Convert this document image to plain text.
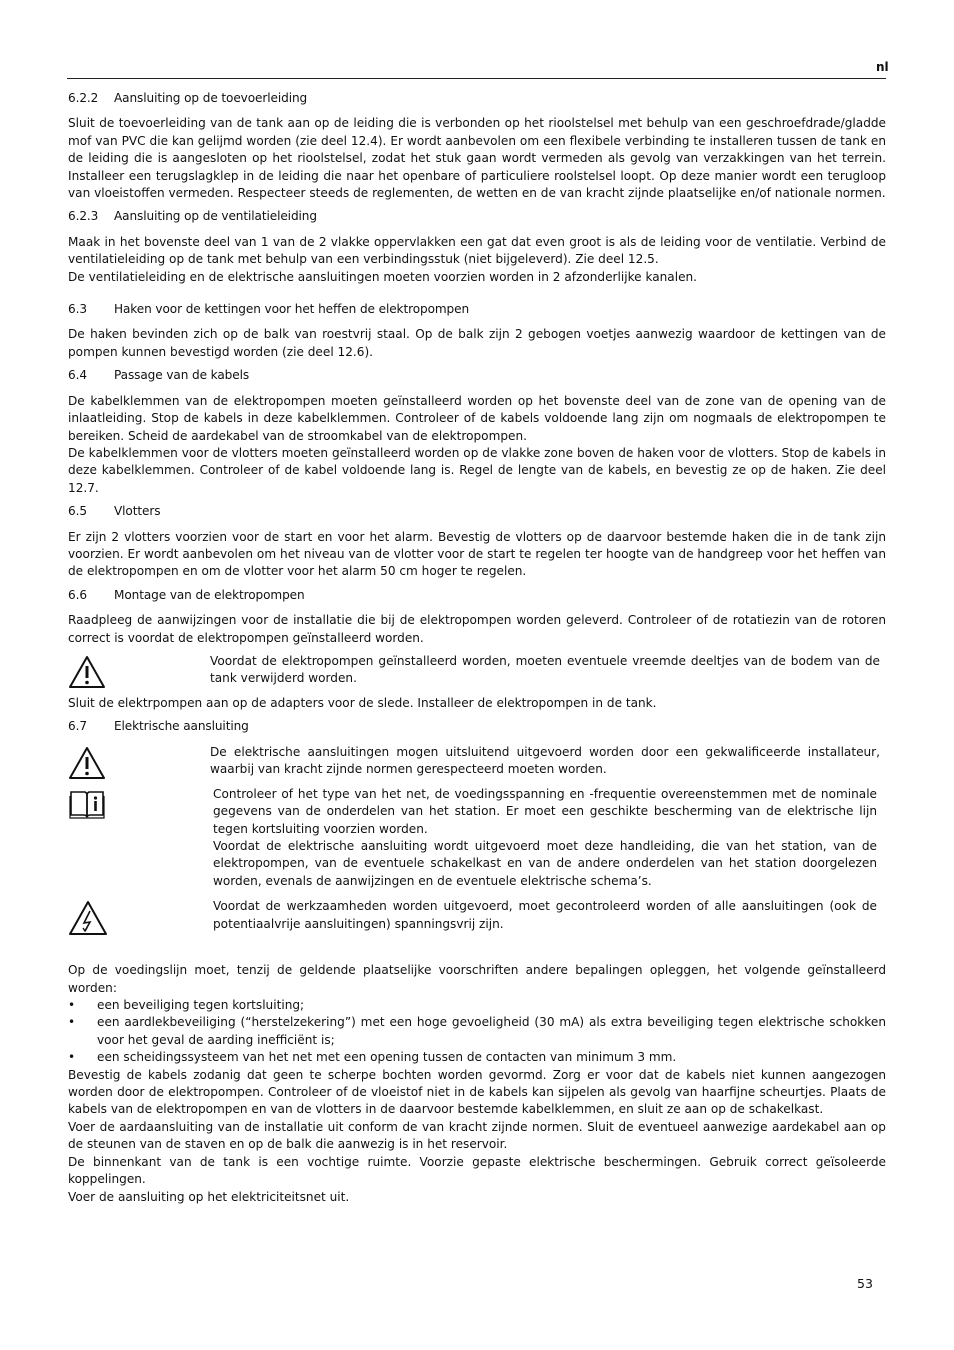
nl
6.2.2 Aansluiting op de toevoerleiding

Sluit de toevoerleiding van de tank aan op de leiding die is verbonden op het rioolstelsel met behulp van een geschroefdrade/gladde mof van PVC die kan gelijmd worden (zie deel 12.4). Er wordt aanbevolen om een flexibele verbinding te installeren tussen de tank en de leiding die is aangesloten op het rioolstelsel, zodat het stuk gaan wordt vermeden als gevolg van verzakkingen van het terrein. Installeer een terugslagklep in de leiding die naar het openbare of particuliere roolstelsel loopt. Op deze manier wordt een terugloop van vloeistoffen vermeden. Respecteer steeds de reglementen, de wetten en de van kracht zijnde plaatselijke en/of nationale normen.

6.2.3 Aansluiting op de ventilatieleiding

Maak in het bovenste deel van 1 van de 2 vlakke oppervlakken een gat dat even groot is als de leiding voor de ventilatie. Verbind de ventilatieleiding op de tank met behulp van een verbindingsstuk (niet bijgeleverd). Zie deel 12.5.

De ventilatieleiding en de elektrische aansluitingen moeten voorzien worden in 2 afzonderlijke kanalen.

6.3 Haken voor de kettingen voor het heffen de elektropompen

De haken bevinden zich op de balk van roestvrij staal. Op de balk zijn 2 gebogen voetjes aanwezig waardoor de kettingen van de pompen kunnen bevestigd worden (zie deel 12.6).

6.4 Passage van de kabels

De kabelklemmen van de elektropompen moeten geïnstalleerd worden op het bovenste deel van de zone van de opening van de inlaatleiding. Stop de kabels in deze kabelklemmen. Controleer of de kabels voldoende lang zijn om nogmaals de elektropompen te bereiken. Scheid de aardekabel van de stroomkabel van de elektropompen.

De kabelklemmen voor de vlotters moeten geïnstalleerd worden op de vlakke zone boven de haken voor de vlotters. Stop de kabels in deze kabelklemmen. Controleer of de kabel voldoende lang is. Regel de lengte van de kabels, en bevestig ze op de haken. Zie deel 12.7.

6.5 Vlotters

Er zijn 2 vlotters voorzien voor de start en voor het alarm. Bevestig de vlotters op de daarvoor bestemde haken die in de tank zijn voorzien. Er wordt aanbevolen om het niveau van de vlotter voor de start te regelen ter hoogte van de handgreep voor het heffen van de elektropompen en om de vlotter voor het alarm 50 cm hoger te regelen.

6.6 Montage van de elektropompen

Raadpleeg de aanwijzingen voor de installatie die bij de elektropompen worden geleverd. Controleer of de rotatiezin van de rotoren correct is voordat de elektropompen geïnstalleerd worden.

Voordat de elektropompen geïnstalleerd worden, moeten eventuele vreemde deeltjes van de bodem van de tank verwijderd worden.

Sluit de elektrpompen aan op de adapters voor de slede. Installeer de elektropompen in de tank.

6.7 Elektrische aansluiting

De elektrische aansluitingen mogen uitsluitend uitgevoerd worden door een gekwalificeerde installateur, waarbij van kracht zijnde normen gerespecteerd moeten worden.

Controleer of het type van het net, de voedingsspanning en -frequentie overeenstemmen met de nominale gegevens van de onderdelen van het station. Er moet een geschikte bescherming van de elektrische lijn tegen kortsluiting voorzien worden.

Voordat de elektrische aansluiting wordt uitgevoerd moet deze handleiding, die van het station, van de elektropompen, van de eventuele schakelkast en van de andere onderdelen van het station doorgelezen worden, evenals de aanwijzingen en de eventuele elektrische schema’s.

Voordat de werkzaamheden worden uitgevoerd, moet gecontroleerd worden of alle aansluitingen (ook de potentiaalvrije aansluitingen) spanningsvrij zijn.

Op de voedingslijn moet, tenzij de geldende plaatselijke voorschriften andere bepalingen opleggen, het volgende geïnstalleerd worden:

• een beveiliging tegen kortsluiting;
• een aardlekbeveiliging (“herstelzekering”) met een hoge gevoeligheid (30 mA) als extra beveiliging tegen elektrische schokken voor het geval de aarding inefficiënt is;
• een scheidingssysteem van het net met een opening tussen de contacten van minimum 3 mm.

Bevestig de kabels zodanig dat geen te scherpe bochten worden gevormd. Zorg er voor dat de kabels niet kunnen aangezogen worden door de elektropompen. Controleer of de vloeistof niet in de kabels kan sijpelen als gevolg van haarfijne scheurtjes. Plaats de kabels van de elektropompen en van de vlotters in de daarvoor bestemde kabelklemmen, en sluit ze aan op de schakelkast.

Voer de aardaansluiting van de installatie uit conform de van kracht zijnde normen. Sluit de eventueel aanwezige aardekabel aan op de steunen van de staven en op de balk die aanwezig is in het reservoir.

De binnenkant van de tank is een vochtige ruimte. Voorzie gepaste elektrische beschermingen. Gebruik correct geïsoleerde koppelingen.

Voer de aansluiting op het elektriciteitsnet uit.

53
